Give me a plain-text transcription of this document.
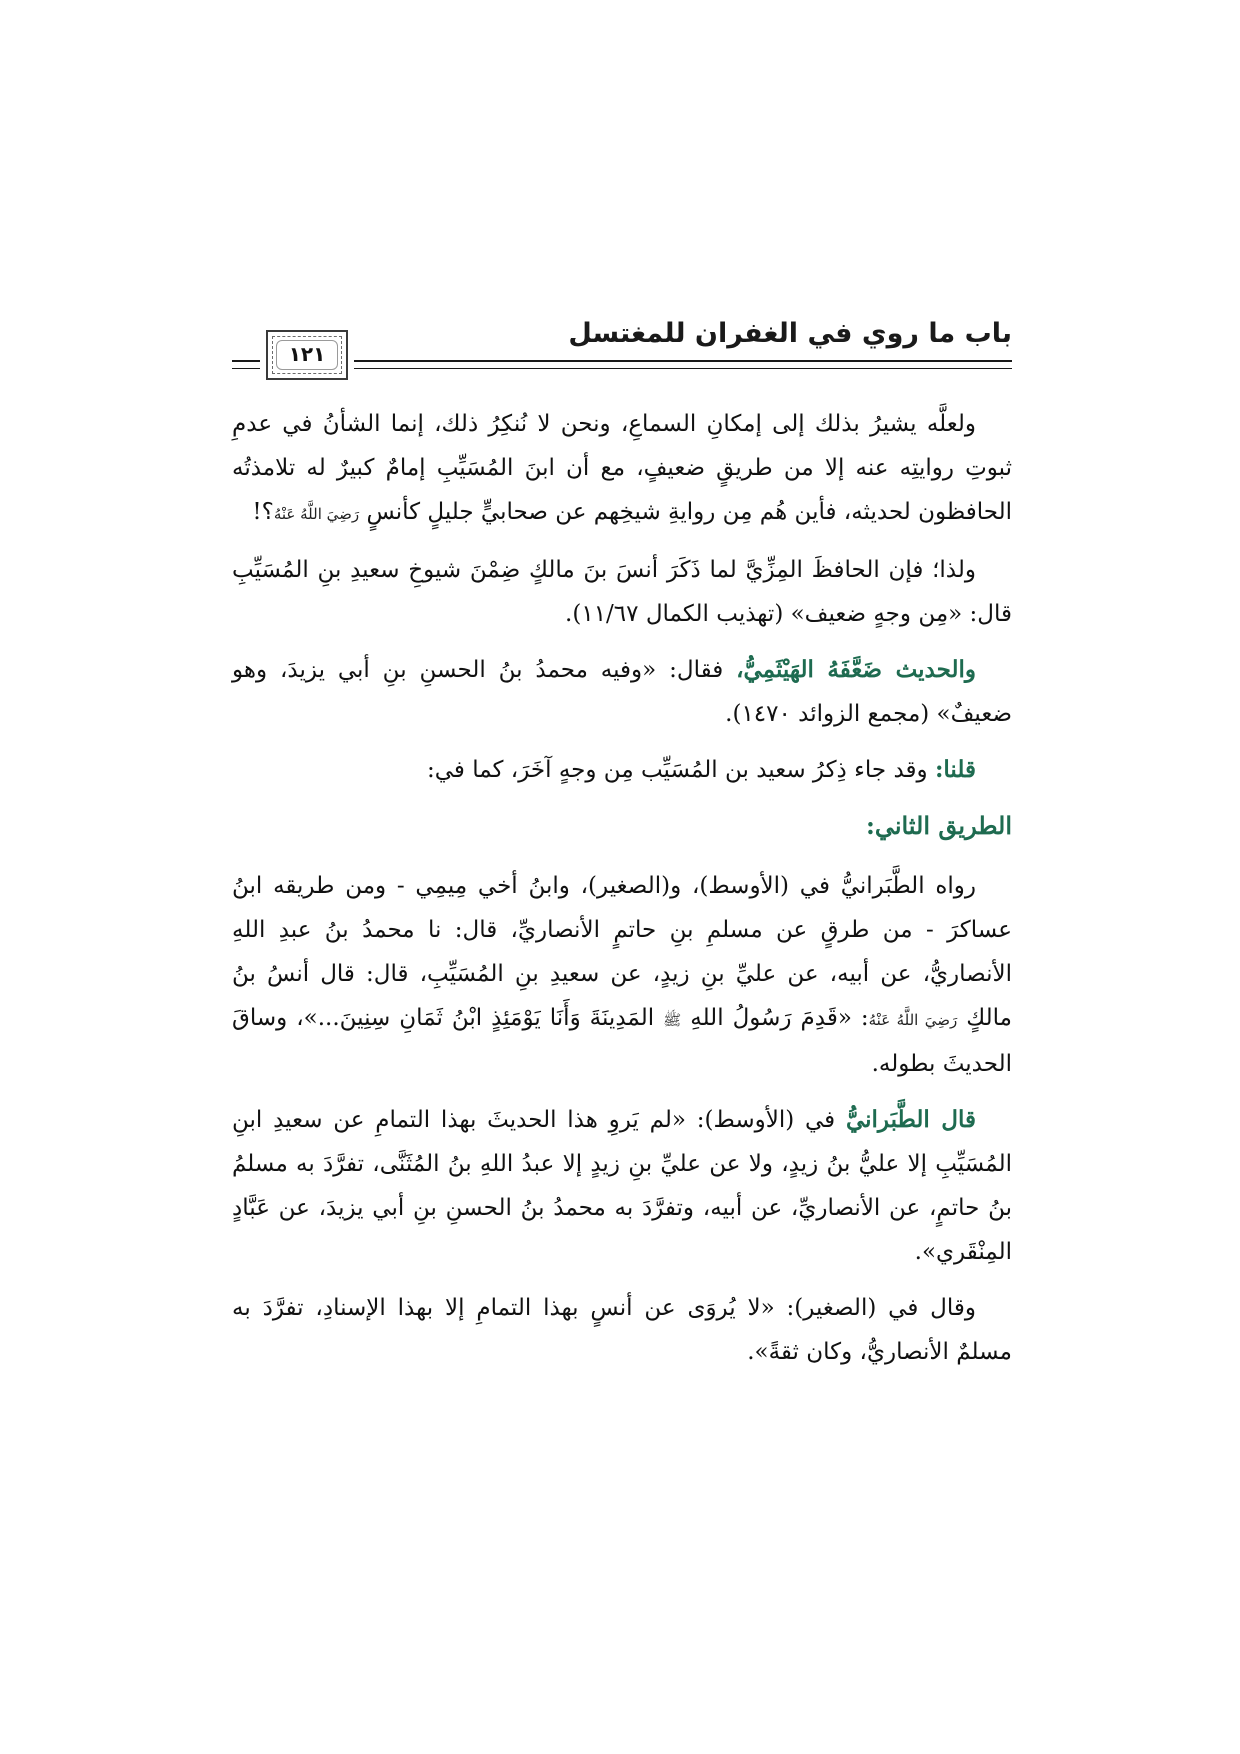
باب ما روي في الغفران للمغتسل
١٢١

ولعلَّه يشيرُ بذلك إلى إمكانِ السماعِ، ونحن لا نُنكِرُ ذلك، إنما الشأنُ في عدمِ ثبوتِ روايتِه عنه إلا من طريقٍ ضعيفٍ، مع أن ابنَ المُسَيِّبِ إمامٌ كبيرٌ له تلامذتُه الحافظون لحديثه، فأين هُم مِن روايةِ شيخِهم عن صحابيٍّ جليلٍ كأنسٍ رَضِيَ اللَّهُ عَنْهُ؟!

ولذا؛ فإن الحافظَ المِزِّيَّ لما ذَكَرَ أنسَ بنَ مالكٍ ضِمْنَ شيوخِ سعيدِ بنِ المُسَيِّبِ قال: «مِن وجهٍ ضعيف» (تهذيب الكمال ١١/٦٧).

والحديث ضَعَّفَهُ الهَيْثَمِيُّ، فقال: «وفيه محمدُ بنُ الحسنِ بنِ أبي يزيدَ، وهو ضعيفٌ» (مجمع الزوائد ١٤٧٠).

قلنا: وقد جاء ذِكرُ سعيد بن المُسَيِّب مِن وجهٍ آخَرَ، كما في:

الطريق الثاني:

رواه الطَّبَرانيُّ في (الأوسط)، و(الصغير)، وابنُ أخي مِيمِي - ومن طريقه ابنُ عساكرَ - من طرقٍ عن مسلمِ بنِ حاتمٍ الأنصاريِّ، قال: نا محمدُ بنُ عبدِ اللهِ الأنصاريُّ، عن أبيه، عن عليِّ بنِ زيدٍ، عن سعيدِ بنِ المُسَيِّبِ، قال: قال أنسُ بنُ مالكٍ رَضِيَ اللَّهُ عَنْهُ: «قَدِمَ رَسُولُ اللهِ ﷺ المَدِينَةَ وَأَنَا يَوْمَئِذٍ ابْنُ ثَمَانِ سِنِينَ...»، وساقَ الحديثَ بطوله.

قال الطَّبَرانيُّ في (الأوسط): «لم يَروِ هذا الحديثَ بهذا التمامِ عن سعيدِ ابنِ المُسَيِّبِ إلا عليُّ بنُ زيدٍ، ولا عن عليِّ بنِ زيدٍ إلا عبدُ اللهِ بنُ المُثَنَّى، تفرَّدَ به مسلمُ بنُ حاتمٍ، عن الأنصاريِّ، عن أبيه، وتفرَّدَ به محمدُ بنُ الحسنِ بنِ أبي يزيدَ، عن عَبَّادٍ المِنْقَري».

وقال في (الصغير): «لا يُروَى عن أنسٍ بهذا التمامِ إلا بهذا الإسنادِ، تفرَّدَ به مسلمٌ الأنصاريُّ، وكان ثقةً».
